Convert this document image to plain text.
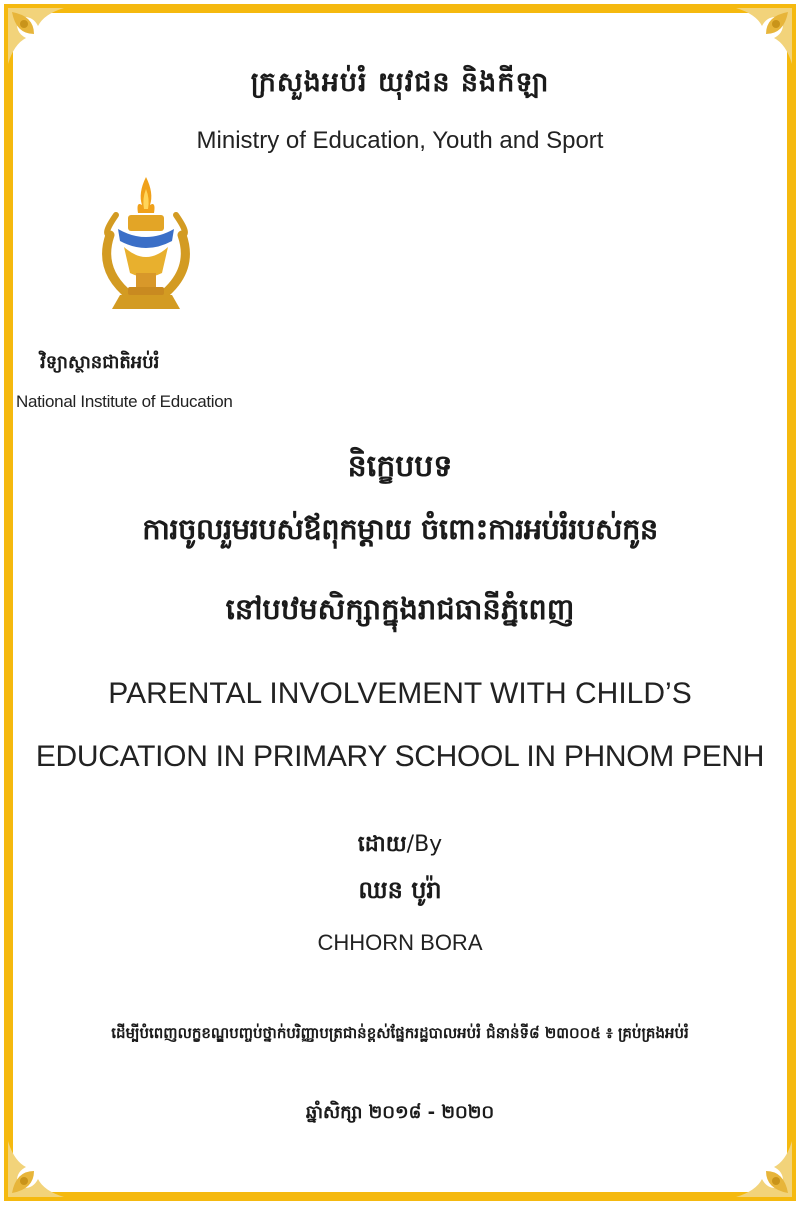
ក្រសួងអប់រំ យុវជន និងកីឡា
Ministry of Education, Youth and Sport
វិទ្យាស្ថានជាតិអប់រំ
National Institute of Education
និក្ខេបបទ
ការចូលរួមរបស់ឪពុកម្តាយ ចំពោះការអប់រំរបស់កូន
នៅបឋមសិក្សាក្នុងរាជធានីភ្នំពេញ
PARENTAL INVOLVEMENT WITH CHILD’S
EDUCATION IN PRIMARY SCHOOL IN PHNOM PENH
ដោយ/By
ឈន បូរ៉ា
CHHORN BORA
ដើម្បីបំពេញលក្ខខណ្ឌបញ្ចប់ថ្នាក់បរិញ្ញាបត្រជាន់ខ្ពស់ផ្នែករដ្ឋបាលអប់រំ ជំនាន់ទី៨ ២៣០០៥ ៖ គ្រប់គ្រងអប់រំ
ឆ្នាំសិក្សា ២០១៨ - ២០២០
